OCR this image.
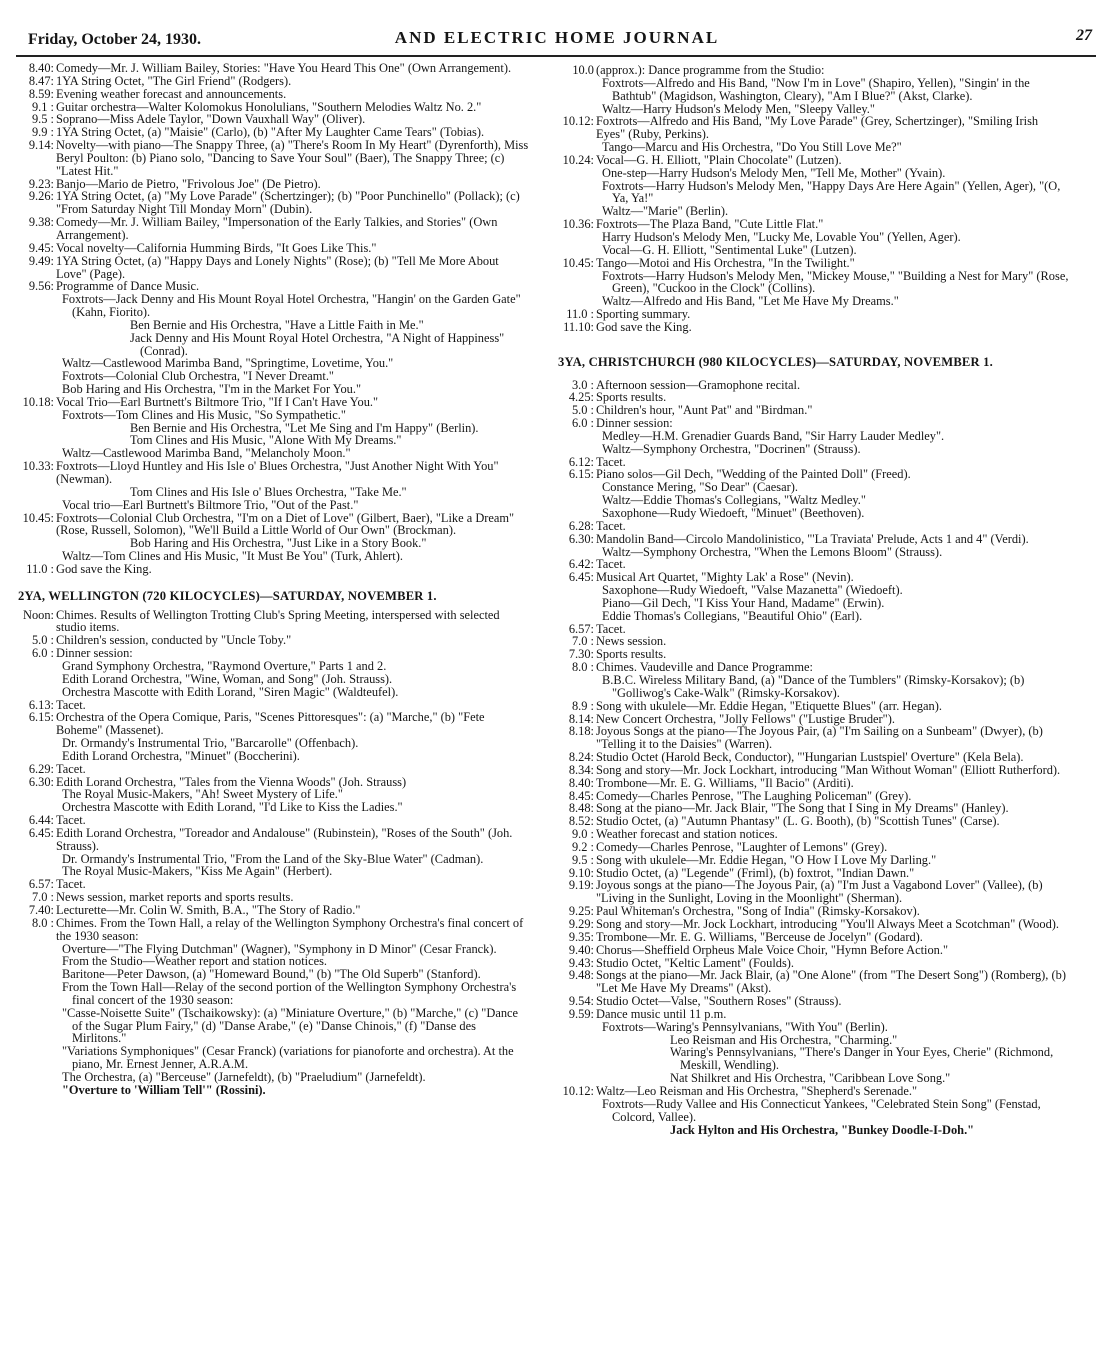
Friday, October 24, 1930.	AND ELECTRIC HOME JOURNAL	27
8.40: Comedy—Mr. J. William Bailey, Stories: "Have You Heard This One" (Own Arrangement).
8.47: 1YA String Octet, "The Girl Friend" (Rodgers).
8.59: Evening weather forecast and announcements.
9.1 : Guitar orchestra—Walter Kolomokus Honolulians, "Southern Melodies Waltz No. 2."
9.5 : Soprano—Miss Adele Taylor, "Down Vauxhall Way" (Oliver).
9.9 : 1YA String Octet, (a) "Maisie" (Carlo), (b) "After My Laughter Came Tears" (Tobias).
9.14: Novelty—with piano—The Snappy Three, (a) "There's Room In My Heart" (Dyrenforth), Miss Beryl Poulton: (b) Piano solo, "Dancing to Save Your Soul" (Baer), The Snappy Three; (c) "Latest Hit."
9.23: Banjo—Mario de Pietro, "Frivolous Joe" (De Pietro).
9.26: 1YA String Octet, (a) "My Love Parade" (Schertzinger); (b) "Poor Punchinello" (Pollack); (c) "From Saturday Night Till Monday Morn" (Dubin).
9.38: Comedy—Mr. J. William Bailey, "Impersonation of the Early Talkies, and Stories" (Own Arrangement).
9.45: Vocal novelty—California Humming Birds, "It Goes Like This."
9.49: 1YA String Octet, (a) "Happy Days and Lonely Nights" (Rose); (b) "Tell Me More About Love" (Page).
9.56: Programme of Dance Music.
Foxtrots—Jack Denny and His Mount Royal Hotel Orchestra, "Hangin' on the Garden Gate" (Kahn, Fiorito).
Ben Bernie and His Orchestra, "Have a Little Faith in Me."
Jack Denny and His Mount Royal Hotel Orchestra, "A Night of Happiness" (Conrad).
Waltz—Castlewood Marimba Band, "Springtime, Lovetime, You."
Foxtrots—Colonial Club Orchestra, "I Never Dreamt."
Bob Haring and His Orchestra, "I'm in the Market For You."
10.18: Vocal Trio—Earl Burtnett's Biltmore Trio, "If I Can't Have You."
Foxtrots—Tom Clines and His Music, "So Sympathetic."
Ben Bernie and His Orchestra, "Let Me Sing and I'm Happy" (Berlin).
Tom Clines and His Music, "Alone With My Dreams."
Waltz—Castlewood Marimba Band, "Melancholy Moon."
10.33: Foxtrots—Lloyd Huntley and His Isle o' Blues Orchestra, "Just Another Night With You" (Newman).
Tom Clines and His Isle o' Blues Orchestra, "Take Me."
Vocal trio—Earl Burtnett's Biltmore Trio, "Out of the Past."
10.45: Foxtrots—Colonial Club Orchestra, "I'm on a Diet of Love" (Gilbert, Baer), "Like a Dream" (Rose, Russell, Solomon), "We'll Build a Little World of Our Own" (Brockman).
Bob Haring and His Orchestra, "Just Like in a Story Book."
Waltz—Tom Clines and His Music, "It Must Be You" (Turk, Ahlert).
11.0 : God save the King.
2YA, WELLINGTON (720 KILOCYCLES)—SATURDAY, NOVEMBER 1.
Noon: Chimes. Results of Wellington Trotting Club's Spring Meeting, interspersed with selected studio items.
5.0 : Children's session, conducted by "Uncle Toby."
6.0 : Dinner session:
Grand Symphony Orchestra, "Raymond Overture," Parts 1 and 2.
Edith Lorand Orchestra, "Wine, Woman, and Song" (Joh. Strauss).
Orchestra Mascotte with Edith Lorand, "Siren Magic" (Waldteufel).
6.13: Tacet.
6.15: Orchestra of the Opera Comique, Paris, "Scenes Pittoresques": (a) "Marche," (b) "Fete Boheme" (Massenet).
Dr. Ormandy's Instrumental Trio, "Barcarolle" (Offenbach).
Edith Lorand Orchestra, "Minuet" (Boccherini).
6.29: Tacet.
6.30: Edith Lorand Orchestra, "Tales from the Vienna Woods" (Joh. Strauss)
The Royal Music-Makers, "Ah! Sweet Mystery of Life."
Orchestra Mascotte with Edith Lorand, "I'd Like to Kiss the Ladies."
6.44: Tacet.
6.45: Edith Lorand Orchestra, "Toreador and Andalouse" (Rubinstein), "Roses of the South" (Joh. Strauss).
Dr. Ormandy's Instrumental Trio, "From the Land of the Sky-Blue Water" (Cadman).
The Royal Music-Makers, "Kiss Me Again" (Herbert).
6.57: Tacet.
7.0 : News session, market reports and sports results.
7.40: Lecturette—Mr. Colin W. Smith, B.A., "The Story of Radio."
8.0 : Chimes. From the Town Hall, a relay of the Wellington Symphony Orchestra's final concert of the 1930 season:
Overture—"The Flying Dutchman" (Wagner), "Symphony in D Minor" (Cesar Franck).
From the Studio—Weather report and station notices.
Baritone—Peter Dawson, (a) "Homeward Bound," (b) "The Old Superb" (Stanford).
From the Town Hall—Relay of the second portion of the Wellington Symphony Orchestra's final concert of the 1930 season:
"Casse-Noisette Suite" (Tschaikowsky): (a) "Miniature Overture," (b) "Marche," (c) "Dance of the Sugar Plum Fairy," (d) "Danse Arabe," (e) "Danse Chinois," (f) "Danse des Mirlitons."
"Variations Symphoniques" (Cesar Franck) (variations for pianoforte and orchestra). At the piano, Mr. Ernest Jenner, A.R.A.M.
The Orchestra, (a) "Berceuse" (Jarnefeldt), (b) "Praeludium" (Jarnefeldt).
"Overture to 'William Tell'" (Rossini).
10.0 (approx.): Dance programme from the Studio:
Foxtrots—Alfredo and His Band, "Now I'm in Love" (Shapiro, Yellen), "Singin' in the Bathtub" (Magidson, Washington, Cleary), "Am I Blue?" (Akst, Clarke).
Waltz—Harry Hudson's Melody Men, "Sleepy Valley."
10.12: Foxtrots—Alfredo and His Band, "My Love Parade" (Grey, Schertzinger), "Smiling Irish Eyes" (Ruby, Perkins).
Tango—Marcu and His Orchestra, "Do You Still Love Me?"
10.24: Vocal—G. H. Elliott, "Plain Chocolate" (Lutzen).
One-step—Harry Hudson's Melody Men, "Tell Me, Mother" (Yvain).
Foxtrots—Harry Hudson's Melody Men, "Happy Days Are Here Again" (Yellen, Ager), "(O, Ya, Ya!"
Waltz—"Marie" (Berlin).
10.36: Foxtrots—The Plaza Band, "Cute Little Flat."
Harry Hudson's Melody Men, "Lucky Me, Lovable You" (Yellen, Ager).
Vocal—G. H. Elliott, "Sentimental Luke" (Lutzen).
10.45: Tango—Motoi and His Orchestra, "In the Twilight."
Foxtrots—Harry Hudson's Melody Men, "Mickey Mouse," "Building a Nest for Mary" (Rose, Green), "Cuckoo in the Clock" (Collins).
Waltz—Alfredo and His Band, "Let Me Have My Dreams."
11.0 : Sporting summary.
11.10: God save the King.
3YA, CHRISTCHURCH (980 KILOCYCLES)—SATURDAY, NOVEMBER 1.
3.0 : Afternoon session—Gramophone recital.
4.25: Sports results.
5.0 : Children's hour, "Aunt Pat" and "Birdman."
6.0 : Dinner session:
Medley—H.M. Grenadier Guards Band, "Sir Harry Lauder Medley".
Waltz—Symphony Orchestra, "Docrinen" (Strauss).
6.12: Tacet.
6.15: Piano solos—Gil Dech, "Wedding of the Painted Doll" (Freed).
Constance Mering, "So Dear" (Caesar).
Waltz—Eddie Thomas's Collegians, "Waltz Medley."
Saxophone—Rudy Wiedoeft, "Minuet" (Beethoven).
6.28: Tacet.
6.30: Mandolin Band—Circolo Mandolinistico, "'La Traviata' Prelude, Acts 1 and 4" (Verdi).
Waltz—Symphony Orchestra, "When the Lemons Bloom" (Strauss).
6.42: Tacet.
6.45: Musical Art Quartet, "Mighty Lak' a Rose" (Nevin).
Saxophone—Rudy Wiedoeft, "Valse Mazanetta" (Wiedoeft).
Piano—Gil Dech, "I Kiss Your Hand, Madame" (Erwin).
Eddie Thomas's Collegians, "Beautiful Ohio" (Earl).
6.57: Tacet.
7.0 : News session.
7.30: Sports results.
8.0 : Chimes. Vaudeville and Dance Programme:
B.B.C. Wireless Military Band, (a) "Dance of the Tumblers" (Rimsky-Korsakov); (b) "Golliwog's Cake-Walk" (Rimsky-Korsakov).
8.9 : Song with ukulele—Mr. Eddie Hegan, "Etiquette Blues" (arr. Hegan).
8.14: New Concert Orchestra, "Jolly Fellows" ("Lustige Bruder").
8.18: Joyous Songs at the piano—The Joyous Pair, (a) "I'm Sailing on a Sunbeam" (Dwyer), (b) "Telling it to the Daisies" (Warren).
8.24: Studio Octet (Harold Beck, Conductor), "'Hungarian Lustspiel' Overture" (Kela Bela).
8.34: Song and story—Mr. Jock Lockhart, introducing "Man Without Woman" (Elliott Rutherford).
8.40: Trombone—Mr. E. G. Williams, "Il Bacio" (Arditi).
8.45: Comedy—Charles Penrose, "The Laughing Policeman" (Grey).
8.48: Song at the piano—Mr. Jack Blair, "The Song that I Sing in My Dreams" (Hanley).
8.52: Studio Octet, (a) "Autumn Phantasy" (L. G. Booth), (b) "Scottish Tunes" (Carse).
9.0 : Weather forecast and station notices.
9.2 : Comedy—Charles Penrose, "Laughter of Lemons" (Grey).
9.5 : Song with ukulele—Mr. Eddie Hegan, "O How I Love My Darling."
9.10: Studio Octet, (a) "Legende" (Friml), (b) foxtrot, "Indian Dawn."
9.19: Joyous songs at the piano—The Joyous Pair, (a) "I'm Just a Vagabond Lover" (Vallee), (b) "Living in the Sunlight, Loving in the Moonlight" (Sherman).
9.25: Paul Whiteman's Orchestra, "Song of India" (Rimsky-Korsakov).
9.29: Song and story—Mr. Jock Lockhart, introducing "You'll Always Meet a Scotchman" (Wood).
9.35: Trombone—Mr. E. G. Williams, "Berceuse de Jocelyn" (Godard).
9.40: Chorus—Sheffield Orpheus Male Voice Choir, "Hymn Before Action."
9.43: Studio Octet, "Keltic Lament" (Foulds).
9.48: Songs at the piano—Mr. Jack Blair, (a) "One Alone" (from "The Desert Song") (Romberg), (b) "Let Me Have My Dreams" (Akst).
9.54: Studio Octet—Valse, "Southern Roses" (Strauss).
9.59: Dance music until 11 p.m.
Foxtrots—Waring's Pennsylvanians, "With You" (Berlin).
Leo Reisman and His Orchestra, "Charming."
Waring's Pennsylvanians, "There's Danger in Your Eyes, Cherie" (Richmond, Meskill, Wendling).
Nat Shilkret and His Orchestra, "Caribbean Love Song."
10.12: Waltz—Leo Reisman and His Orchestra, "Shepherd's Serenade."
Foxtrots—Rudy Vallee and His Connecticut Yankees, "Celebrated Stein Song" (Fenstad, Colcord, Vallee).
Jack Hylton and His Orchestra, "Bunkey Doodle-I-Doh."
